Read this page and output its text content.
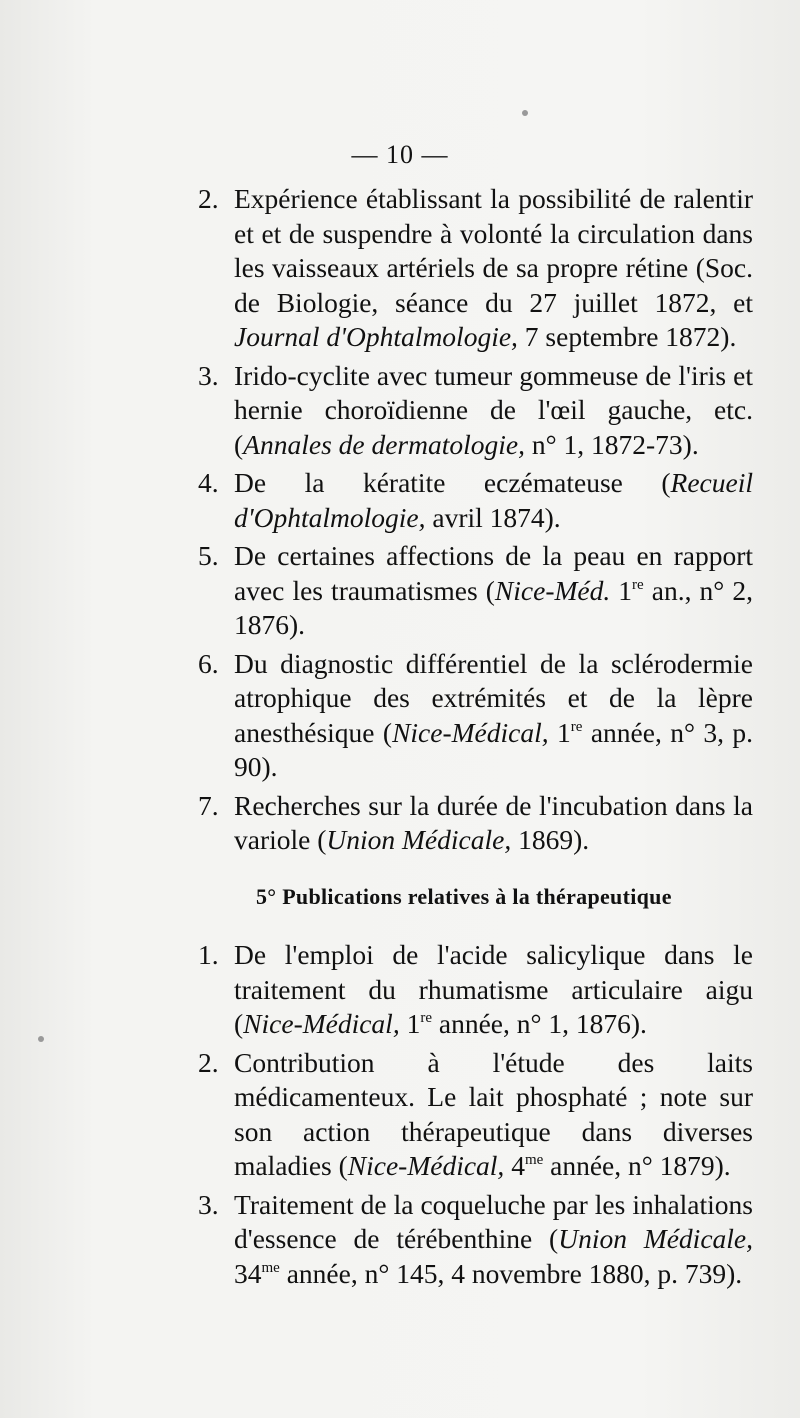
— 10 —
2. Expérience établissant la possibilité de ralentir et et de suspendre à volonté la circulation dans les vaisseaux artériels de sa propre rétine (Soc. de Biologie, séance du 27 juillet 1872, et Journal d'Ophtalmologie, 7 septembre 1872).
3. Irido-cyclite avec tumeur gommeuse de l'iris et hernie choroïdienne de l'œil gauche, etc. (Annales de dermatologie, n° 1, 1872-73).
4. De la kératite eczémateuse (Recueil d'Ophtalmologie, avril 1874).
5. De certaines affections de la peau en rapport avec les traumatismes (Nice-Méd. 1re an., n° 2, 1876).
6. Du diagnostic différentiel de la sclérodermie atrophique des extrémités et de la lèpre anesthésique (Nice-Médical, 1re année, n° 3, p. 90).
7. Recherches sur la durée de l'incubation dans la variole (Union Médicale, 1869).
5° Publications relatives à la thérapeutique
1. De l'emploi de l'acide salicylique dans le traitement du rhumatisme articulaire aigu (Nice-Médical, 1re année, n° 1, 1876).
2. Contribution à l'étude des laits médicamenteux. Le lait phosphaté ; note sur son action thérapeutique dans diverses maladies (Nice-Médical, $4^{me}$ année, n° 1879).
3. Traitement de la coqueluche par les inhalations d'essence de térébenthine (Union Médicale, $34^{me}$ année, n° 145, 4 novembre 1880, p. 739).
